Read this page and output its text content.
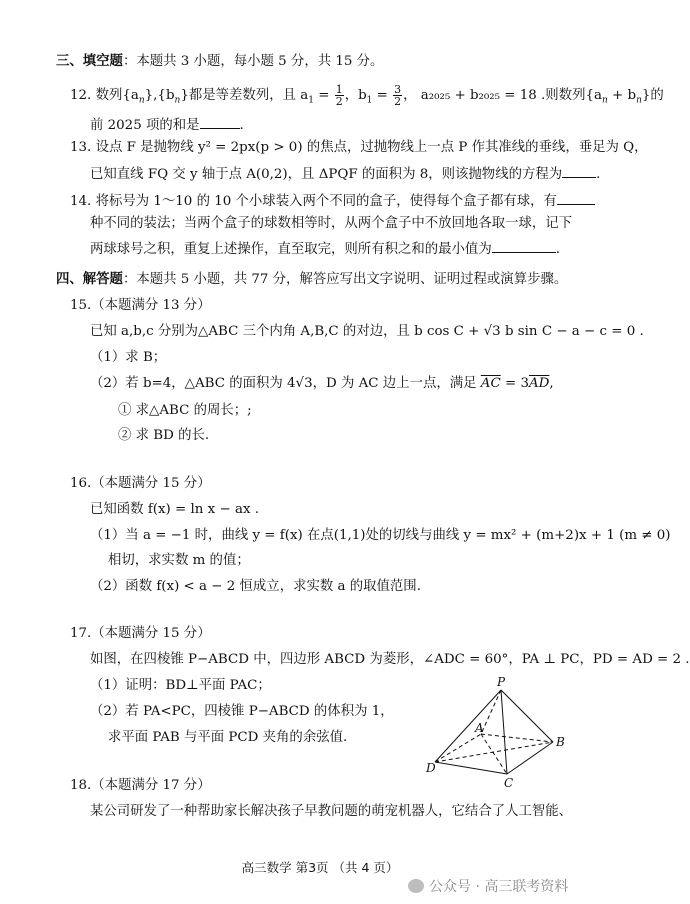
三、填空题：本题共 3 小题，每小题 5 分，共 15 分。
12. 数列$\{a_n\},\{b_n\}$都是等差数列，且 $a_1 = \frac{1}{2}$ ，$b_1 = \frac{3}{2}$ ， a₂₀₂₅ + b₂₀₂₅ = 18 .则数列$\{a_n + b_n\}$的
前 2025 项的和是	.
13. 设点 F 是抛物线 y² = 2px(p > 0) 的焦点，过抛物线上一点 P 作其准线的垂线，垂足为 Q，
已知直线 FQ 交 y 轴于点 A(0,2)，且 ΔPQF 的面积为 8，则该抛物线的方程为	.
14. 将标号为 1～10 的 10 个小球装入两个不同的盒子，使得每个盒子都有球，有
种不同的装法；当两个盒子的球数相等时，从两个盒子中不放回地各取一球，记下
两球球号之积，重复上述操作，直至取完，则所有积之和的最小值为	.
四、解答题：本题共 5 小题，共 77 分，解答应写出文字说明、证明过程或演算步骤。
15.（本题满分 13 分）
已知 a,b,c 分别为△ABC 三个内角 A,B,C 的对边，且 b cos C + √3 b sin C − a − c = 0 .
（1）求 B；
（2）若 b=4，△ABC 的面积为 4√3，D 为 AC 边上一点，满足 $\overline{AC} = 3\overline{AD}$,
① 求△ABC 的周长；;
② 求 BD 的长.
16.（本题满分 15 分）
已知函数 f(x) = ln x − ax .
（1）当 a = −1 时，曲线 y = f(x) 在点(1,1)处的切线与曲线 y = mx² + (m+2)x + 1 (m ≠ 0)
相切，求实数 m 的值；
（2）函数 f(x) < a − 2 恒成立，求实数 a 的取值范围.
17.（本题满分 15 分）
如图，在四棱锥 P−ABCD 中，四边形 ABCD 为菱形，∠ADC = 60°，PA ⊥ PC，PD = AD = 2 .
（1）证明：BD⊥平面 PAC；
（2）若 PA<PC，四棱锥 P−ABCD 的体积为 1，
求平面 PAB 与平面 PCD 夹角的余弦值.
P
A
B
C
D
18.（本题满分 17 分）
某公司研发了一种帮助家长解决孩子早教问题的萌宠机器人，它结合了人工智能、
高三数学 第3页 （共 4 页）
公众号 · 高三联考资料
